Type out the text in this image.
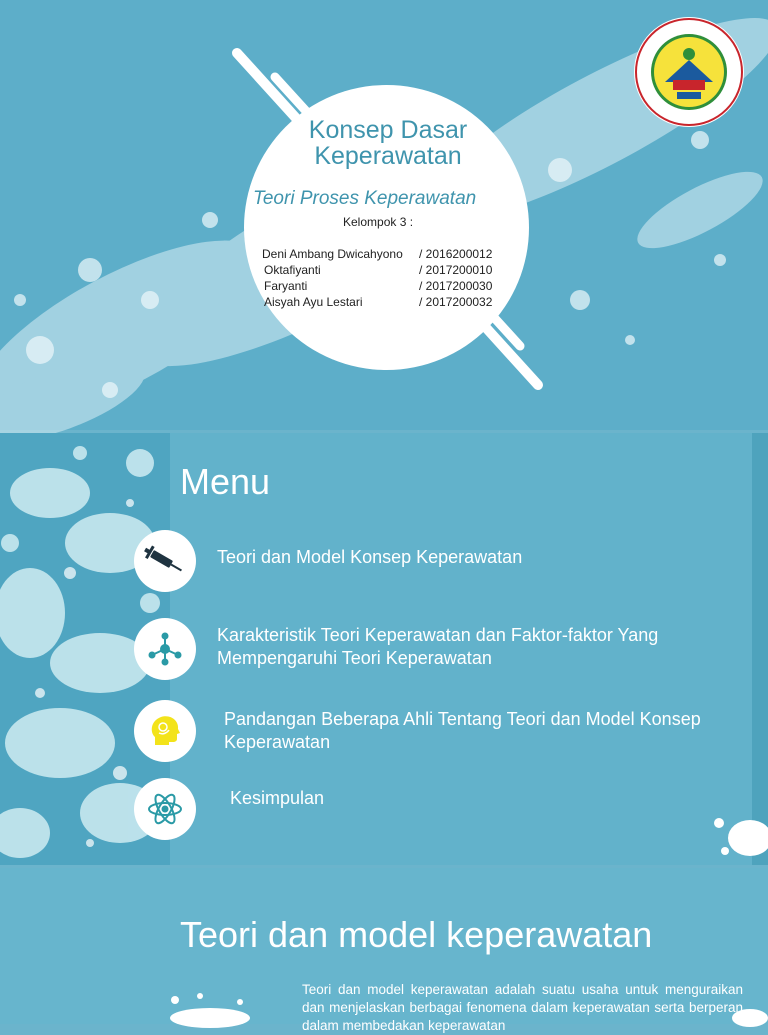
Konsep Dasar Keperawatan
Teori Proses Keperawatan
Kelompok 3 :
Deni Ambang Dwicahyono / 2016200012
Oktafiyanti	/ 2017200010
Faryanti	/ 2017200030
Aisyah Ayu Lestari	/ 2017200032
Menu
Teori dan Model Konsep Keperawatan
Karakteristik Teori Keperawatan dan Faktor-faktor Yang Mempengaruhi Teori Keperawatan
Pandangan Beberapa Ahli Tentang Teori dan Model Konsep Keperawatan
Kesimpulan
Teori dan model keperawatan
Teori dan model keperawatan adalah suatu usaha untuk menguraikan dan menjelaskan berbagai fenomena dalam keperawatan serta berperan dalam membedakan keperawatan
